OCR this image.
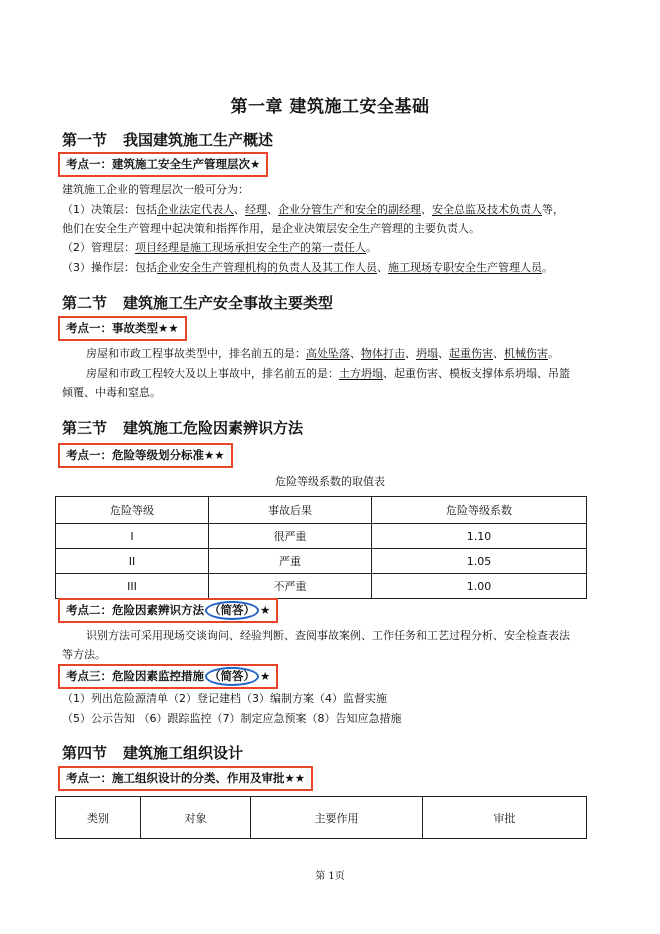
第一章 建筑施工安全基础
第一节 我国建筑施工生产概述
考点一：建筑施工安全生产管理层次★
建筑施工企业的管理层次一般可分为：
（1）决策层：包括企业法定代表人、经理、企业分管生产和安全的副经理、安全总监及技术负责人等，
他们在安全生产管理中起决策和指挥作用，是企业决策层安全生产管理的主要负责人。
（2）管理层：项目经理是施工现场承担安全生产的第一责任人。
（3）操作层：包括企业安全生产管理机构的负责人及其工作人员、施工现场专职安全生产管理人员。
第二节 建筑施工生产安全事故主要类型
考点一：事故类型★★
房屋和市政工程事故类型中，排名前五的是：高处坠落、物体打击、坍塌、起重伤害、机械伤害。
房屋和市政工程较大及以上事故中，排名前五的是：土方坍塌、起重伤害、模板支撑体系坍塌、吊篮
倾覆、中毒和窒息。
第三节 建筑施工危险因素辨识方法
考点一：危险等级划分标准★★
危险等级系数的取值表
危险等级	事故后果	危险等级系数
I	很严重	1.10
II	严重	1.05
III	不严重	1.00
考点二：危险因素辨识方法 （简答） ★
识别方法可采用现场交谈询问、经验判断、查阅事故案例、工作任务和工艺过程分析、安全检查表法
等方法。
考点三：危险因素监控措施 （简答） ★
（1）列出危险源清单（2）登记建档（3）编制方案（4）监督实施
（5）公示告知 （6）跟踪监控（7）制定应急预案（8）告知应急措施
第四节 建筑施工组织设计
考点一：施工组织设计的分类、作用及审批★★
类别	对象	主要作用	审批
第 1页
